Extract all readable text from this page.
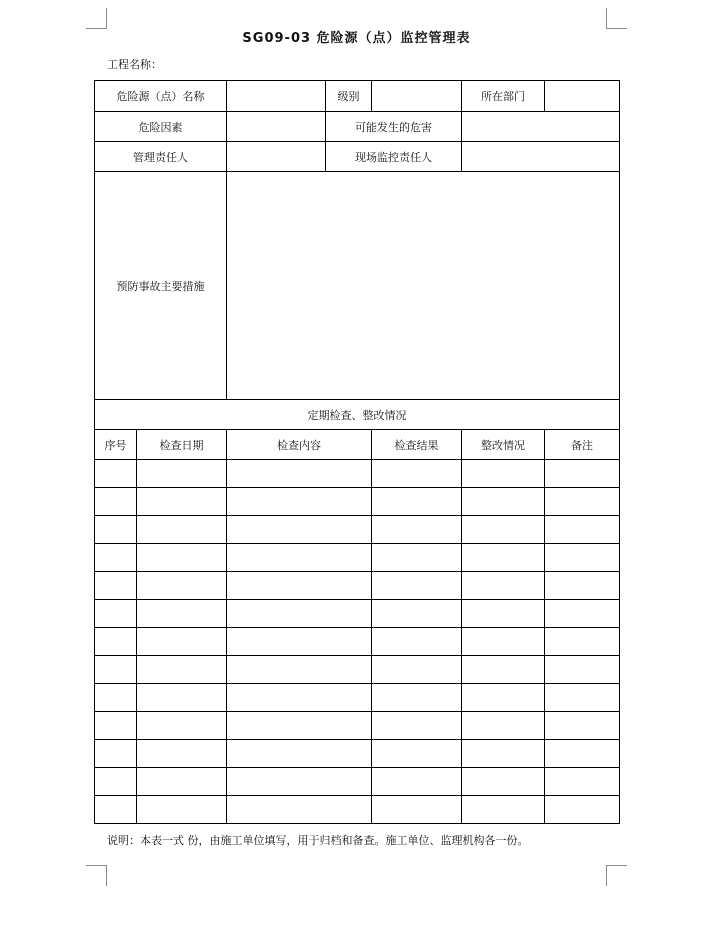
SG09-03 危险源（点）监控管理表
工程名称：
危险源（点）名称			级别		所在部门	
危险因素			可能发生的危害			
管理责任人			现场监控责任人			
预防事故主要措施						
定期检查、整改情况						
序号	检查日期	检查内容		检查结果	整改情况	备注

说明：本表一式 份，由施工单位填写，用于归档和备查。施工单位、监理机构各一份。
